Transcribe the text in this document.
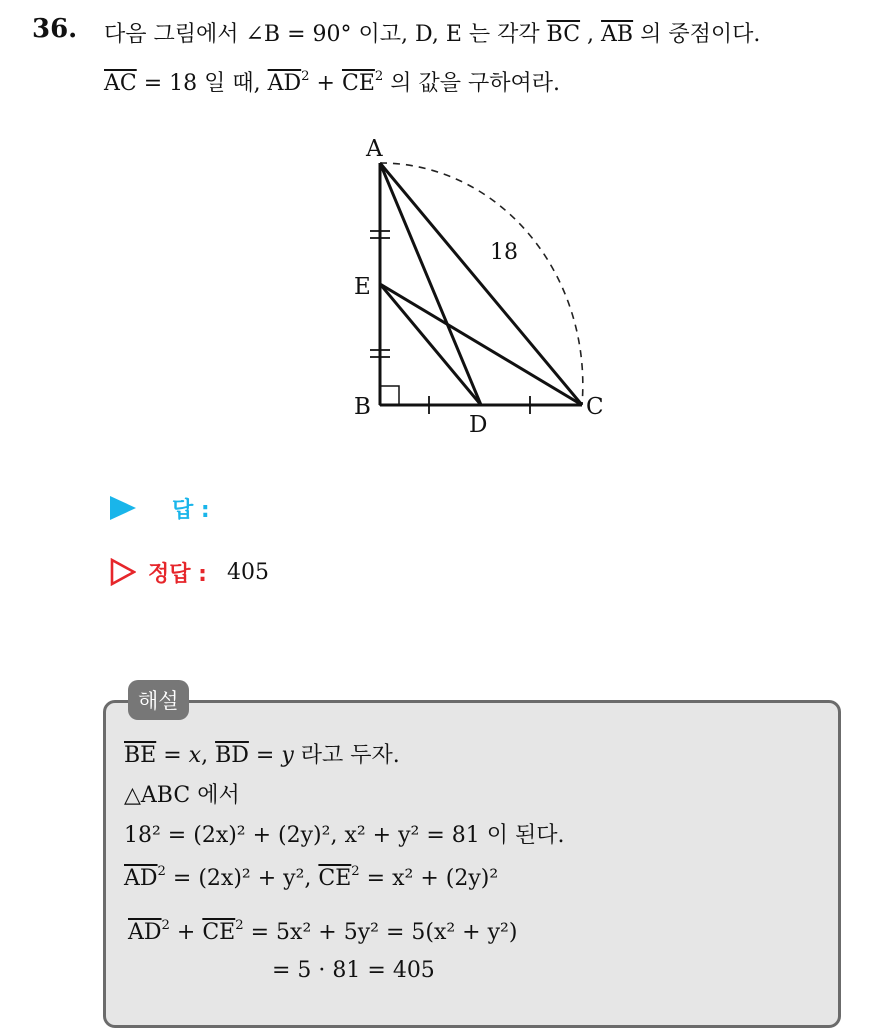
36. 다음 그림에서 ∠B = 90° 이고, D, E 는 각각 $\overline{BC}$ , $\overline{AB}$ 의 중점이다.
$\overline{AC} = 18$ 일 때, $\overline{AD}^2 + \overline{CE}^2$ 의 값을 구하여라.
A
E
B
D
C
18
답 :
정답 : 405
해설
$\overline{BE} = x$, $\overline{BD} = y$ 라고 두자.
△ABC 에서
18² = (2x)² + (2y)², x² + y² = 81 이 된다.
$\overline{AD}^2 = (2x)^2 + y^2$, $\overline{CE}^2 = x^2 + (2y)^2$
$\overline{AD}^2 + \overline{CE}^2 = 5x^2 + 5y^2 = 5(x^2 + y^2)$
= 5 · 81 = 405
